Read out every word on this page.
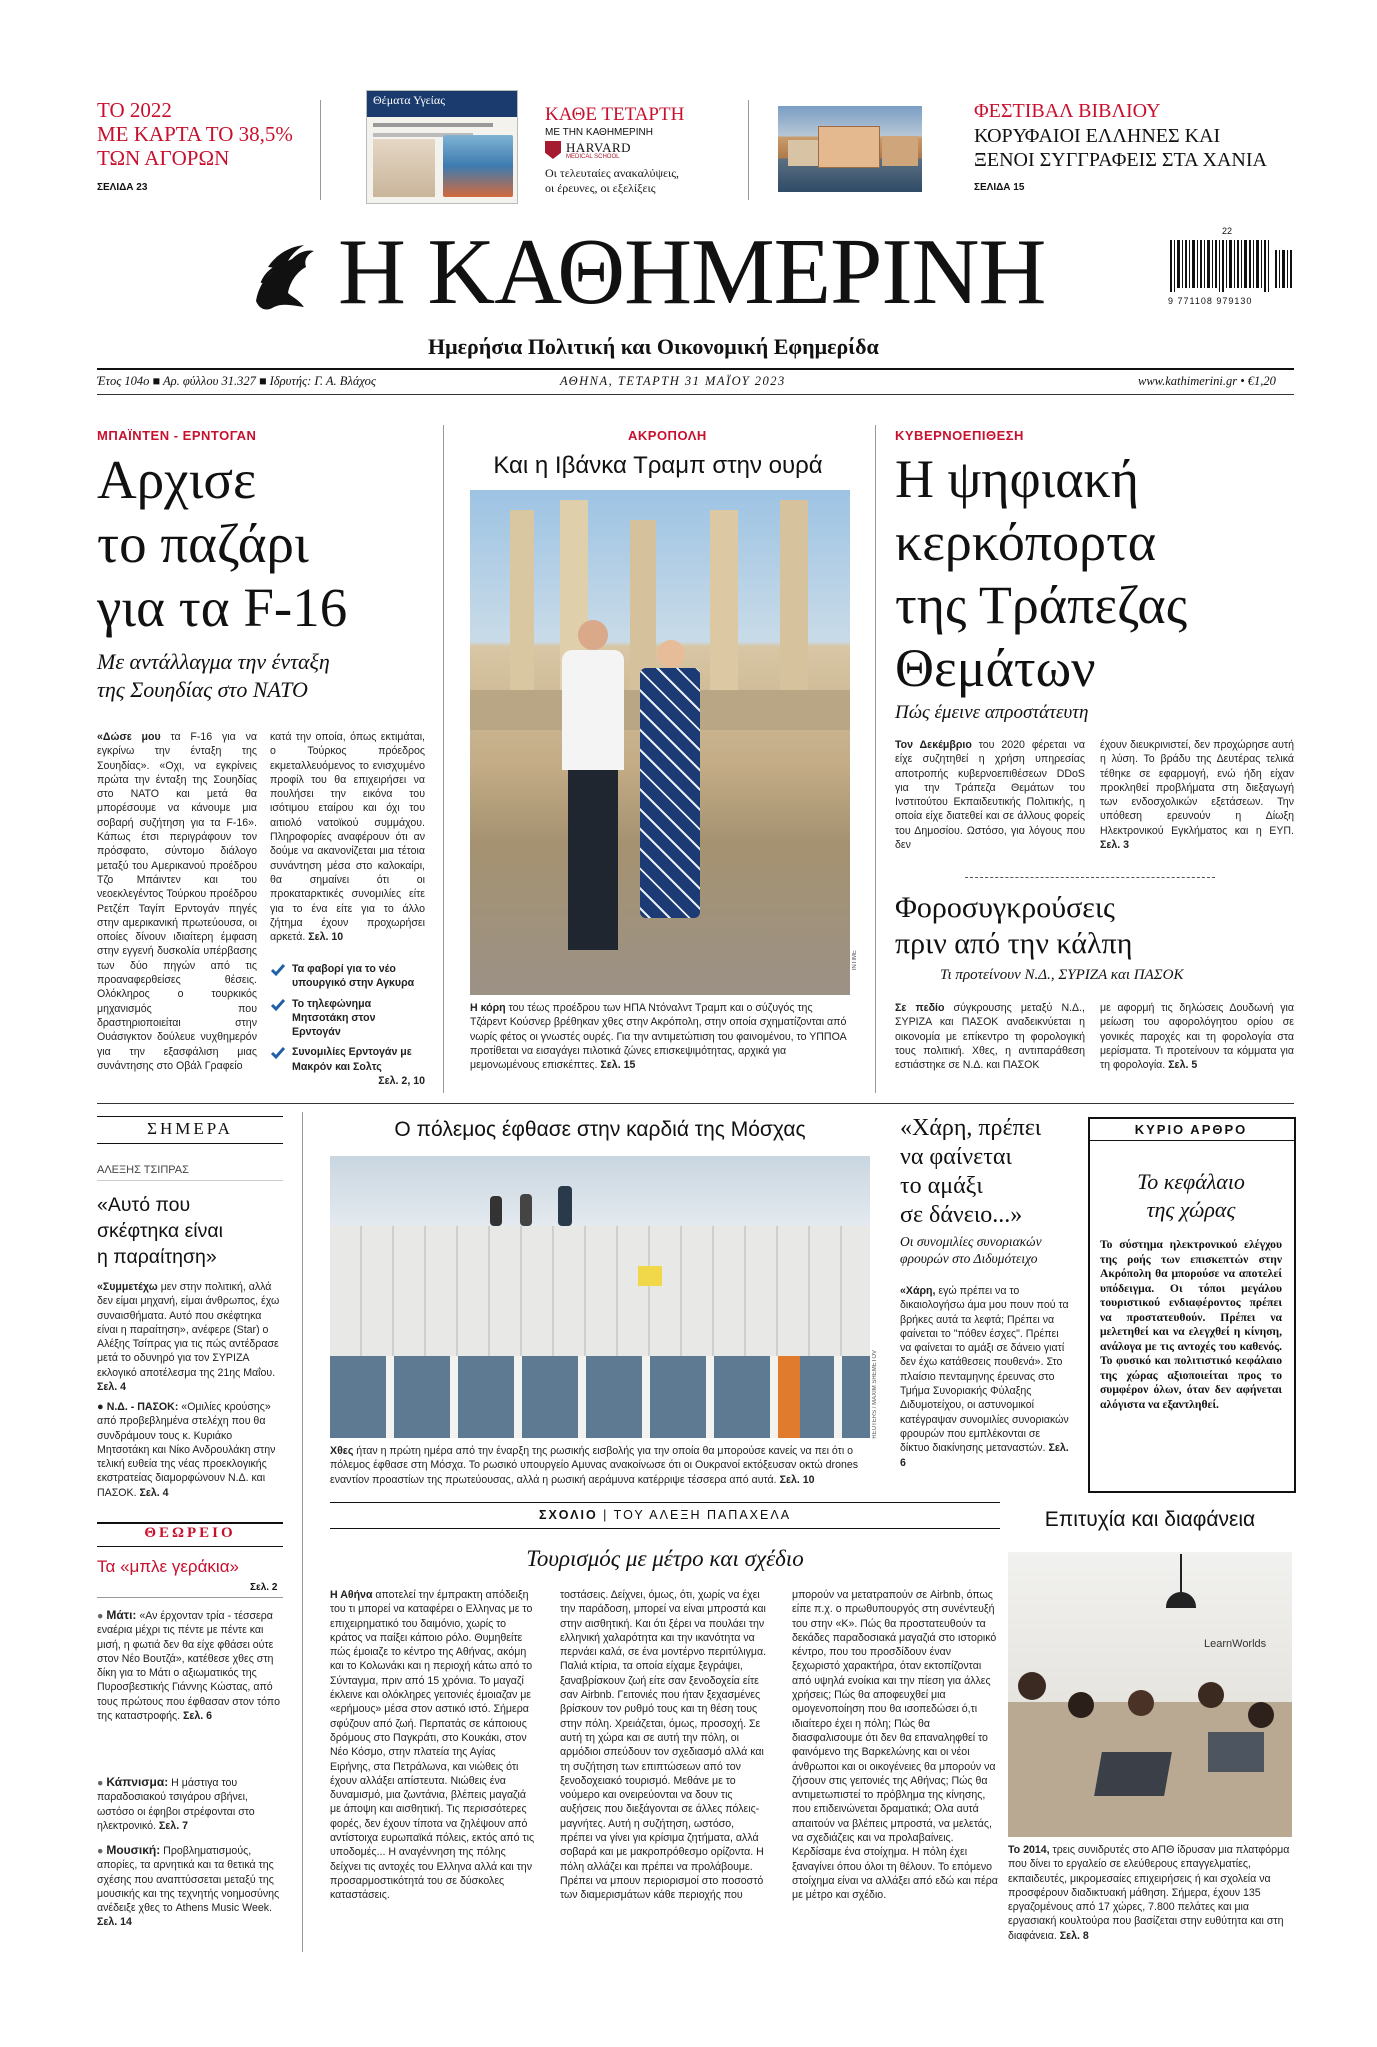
ΤΟ 2022
ΜΕ ΚΑΡΤΑ ΤΟ 38,5%
ΤΩΝ ΑΓΟΡΩΝ
ΣΕΛΙΔΑ 23
Θέματα Υγείας
ΚΑΘΕ ΤΕΤΑΡΤΗ
ΜΕ ΤΗΝ ΚΑΘΗΜΕΡΙΝΗ
HARVARD
MEDICAL SCHOOL
Οι τελευταίες ανακαλύψεις,
οι έρευνες, οι εξελίξεις
ΦΕΣΤΙΒΑΛ ΒΙΒΛΙΟΥ
ΚΟΡΥΦΑΙΟΙ ΕΛΛΗΝΕΣ ΚΑΙ
ΞΕΝΟΙ ΣΥΓΓΡΑΦΕΙΣ ΣΤΑ ΧΑΝΙΑ
ΣΕΛΙΔΑ 15
Η ΚΑΘΗΜΕΡΙΝΗ
Ημερήσια Πολιτική και Οικονομική Εφημερίδα
22
9 771108 979130
Έτος 104ο ■ Αρ. φύλλου 31.327 ■ Ιδρυτής: Γ. Α. Βλάχος	ΑΘΗΝΑ, ΤΕΤΑΡΤΗ 31 ΜΑΪΟΥ 2023	www.kathimerini.gr • €1,20
ΜΠΑΪΝΤΕΝ - ΕΡΝΤΟΓΑΝ
Αρχισε
το παζάρι
για τα F-16
Με αντάλλαγμα την ένταξη
της Σουηδίας στο ΝΑΤΟ
«Δώσε μου τα F-16 για να εγκρίνω την ένταξη της Σουηδίας». «Οχι, να εγκρίνεις πρώτα την ένταξη της Σουηδίας στο ΝΑΤΟ και μετά θα μπορέσουμε να κάνουμε μια σοβαρή συζήτηση για τα F-16». Κάπως έτσι περιγράφουν τον πρόσφατο, σύντομο διάλογο μεταξύ του Αμερικανού προέδρου Τζο Μπάιντεν και του νεοεκλεγέντος Τούρκου προέδρου Ρετζέπ Ταγίπ Ερντογάν πηγές στην αμερικανική πρωτεύουσα, οι οποίες δίνουν ιδιαίτερη έμφαση στην εγγενή δυσκολία υπέρβασης των δύο πηγών από τις προαναφερθείσες θέσεις. Ολόκληρος ο τουρκικός μηχανισμός που δραστηριοποιείται στην Ουάσιγκτον δούλευε νυχθημερόν για την εξασφάλιση μιας συνάντησης στο Οβάλ Γραφείο
κατά την οποία, όπως εκτιμάται, ο Τούρκος πρόεδρος εκμεταλλευόμενος το ενισχυμένο προφίλ του θα επιχειρήσει να πουλήσει την εικόνα του ισότιμου εταίρου και όχι του αιτιολό νατοϊκού συμμάχου. Πληροφορίες αναφέρουν ότι αν δούμε να ακανονίζεται μια τέτοια συνάντηση μέσα στο καλοκαίρι, θα σημαίνει ότι οι προκαταρκτικές συνομιλίες είτε για το ένα είτε για το άλλο ζήτημα έχουν προχωρήσει αρκετά. Σελ. 10
Τα φαβορί για το νέο υπουργικό στην Αγκυρα
Το τηλεφώνημα Μητσοτάκη στον Ερντογάν
Συνομιλίες Ερντογάν με Μακρόν και Σολτς
Σελ. 2, 10
ΑΚΡΟΠΟΛΗ
Και η Ιβάνκα Τραμπ στην ουρά
INTIME
Η κόρη του τέως προέδρου των ΗΠΑ Ντόναλντ Τραμπ και ο σύζυγός της Τζάρεντ Κούσνερ βρέθηκαν χθες στην Ακρόπολη, στην οποία σχηματίζονται από νωρίς φέτος οι γνωστές ουρές. Για την αντιμετώπιση του φαινομένου, το ΥΠΠΟΑ προτίθεται να εισαγάγει πιλοτικά ζώνες επισκεψιμότητας, αρχικά για μεμονωμένους επισκέπτες. Σελ. 15
ΚΥΒΕΡΝΟΕΠΙΘΕΣΗ
Η ψηφιακή
κερκόπορτα
της Τράπεζας
Θεμάτων
Πώς έμεινε απροστάτευτη
Τον Δεκέμβριο του 2020 φέρεται να είχε συζητηθεί η χρήση υπηρεσίας αποτροπής κυβερνοεπιθέσεων DDoS για την Τράπεζα Θεμάτων του Ινστιτούτου Εκπαιδευτικής Πολιτικής, η οποία είχε διατεθεί και σε άλλους φορείς του Δημοσίου. Ωστόσο, για λόγους που δεν
έχουν διευκρινιστεί, δεν προχώρησε αυτή η λύση. Το βράδυ της Δευτέρας τελικά τέθηκε σε εφαρμογή, ενώ ήδη είχαν προκληθεί προβλήματα στη διεξαγωγή των ενδοσχολικών εξετάσεων. Την υπόθεση ερευνούν η Δίωξη Ηλεκτρονικού Εγκλήματος και η ΕΥΠ. Σελ. 3
Φοροσυγκρούσεις
πριν από την κάλπη
Τι προτείνουν Ν.Δ., ΣΥΡΙΖΑ και ΠΑΣΟΚ
Σε πεδίο σύγκρουσης μεταξύ Ν.Δ., ΣΥΡΙΖΑ και ΠΑΣΟΚ αναδεικνύεται η οικονομία με επίκεντρο τη φορολογική τους πολιτική. Χθες, η αντιπαράθεση εστιάστηκε σε Ν.Δ. και ΠΑΣΟΚ
με αφορμή τις δηλώσεις Δουδωνή για μείωση του αφορολόγητου ορίου σε γονικές παροχές και τη φορολογία στα μερίσματα. Τι προτείνουν τα κόμματα για τη φορολογία. Σελ. 5
ΣΗΜΕΡΑ
ΑΛΕΞΗΣ ΤΣΙΠΡΑΣ
«Αυτό που
σκέφτηκα είναι
η παραίτηση»
«Συμμετέχω μεν στην πολιτική, αλλά δεν είμαι μηχανή, είμαι άνθρωπος, έχω συναισθήματα. Αυτό που σκέφτηκα είναι η παραίτηση», ανέφερε (Star) ο Αλέξης Τσίπρας για τις πώς αντέδρασε μετά το οδυνηρό για τον ΣΥΡΙΖΑ εκλογικό αποτέλεσμα της 21ης Μαΐου. Σελ. 4
● Ν.Δ. - ΠΑΣΟΚ: «Ομιλίες κρούσης» από προβεβλημένα στελέχη που θα συνδράμουν τους κ. Κυριάκο Μητσοτάκη και Νίκο Ανδρουλάκη στην τελική ευθεία της νέας προεκλογικής εκστρατείας διαμορφώνουν Ν.Δ. και ΠΑΣΟΚ. Σελ. 4
ΘΕΩΡΕΙΟ
Τα «μπλε γεράκια»
Σελ. 2
● Μάτι: «Αν έρχονταν τρία - τέσσερα εναέρια μέχρι τις πέντε με πέντε και μισή, η φωτιά δεν θα είχε φθάσει ούτε στον Νέο Βουτζά», κατέθεσε χθες στη δίκη για το Μάτι ο αξιωματικός της Πυροσβεστικής Γιάννης Κώστας, από τους πρώτους που έφθασαν στον τόπο της καταστροφής. Σελ. 6
● Κάπνισμα: Η μάστιγα του παραδοσιακού τσιγάρου σβήνει, ωστόσο οι έφηβοι στρέφονται στο ηλεκτρονικό. Σελ. 7
● Μουσική: Προβληματισμούς, απορίες, τα αρνητικά και τα θετικά της σχέσης που αναπτύσσεται μεταξύ της μουσικής και της τεχνητής νοημοσύνης ανέδειξε χθες το Athens Music Week. Σελ. 14
Ο πόλεμος έφθασε στην καρδιά της Μόσχας
REUTERS / MAXIM SHEMETOV
Χθες ήταν η πρώτη ημέρα από την έναρξη της ρωσικής εισβολής για την οποία θα μπορούσε κανείς να πει ότι ο πόλεμος έφθασε στη Μόσχα. Το ρωσικό υπουργείο Αμυνας ανακοίνωσε ότι οι Ουκρανοί εκτόξευσαν οκτώ drones εναντίον προαστίων της πρωτεύουσας, αλλά η ρωσική αεράμυνα κατέρριψε τέσσερα από αυτά. Σελ. 10
«Χάρη, πρέπει
να φαίνεται
το αμάξι
σε δάνειο...»
Οι συνομιλίες συνοριακών
φρουρών στο Διδυμότειχο
«Χάρη, εγώ πρέπει να το δικαιολογήσω άμα μου πουν πού τα βρήκες αυτά τα λεφτά; Πρέπει να φαίνεται το "πόθεν έσχες". Πρέπει να φαίνεται το αμάξι σε δάνειο γιατί δεν έχω κατάθεσεις πουθενά». Στο πλαίσιο πενταμηνης έρευνας στο Τμήμα Συνοριακής Φύλαξης Διδυμοτείχου, οι αστυνομικοί κατέγραψαν συνομιλίες συνοριακών φρουρών που εμπλέκονται σε δίκτυο διακίνησης μεταναστών. Σελ. 6
ΚΥΡΙΟ ΑΡΘΡΟ
Το κεφάλαιο
της χώρας
Το σύστημα ηλεκτρονικού ελέγχου της ροής των επισκεπτών στην Ακρόπολη θα μπορούσε να αποτελεί υπόδειγμα. Οι τόποι μεγάλου τουριστικού ενδιαφέροντος πρέπει να προστατευθούν. Πρέπει να μελετηθεί και να ελεγχθεί η κίνηση, ανάλογα με τις αντοχές του καθενός. Το φυσικό και πολιτιστικό κεφάλαιο της χώρας αξιοποιείται προς το συμφέρον όλων, όταν δεν αφήνεται αλόγιστα να εξαντληθεί.
ΣΧΟΛΙΟ | ΤΟΥ ΑΛΕΞΗ ΠΑΠΑΧΕΛΑ
Τουρισμός με μέτρο και σχέδιο
Η Αθήνα αποτελεί την έμπρακτη απόδειξη του τι μπορεί να καταφέρει ο Ελληνας με το επιχειρηματικό του δαιμόνιο, χωρίς το κράτος να παίξει κάποιο ρόλο. Θυμηθείτε πώς έμοιαζε το κέντρο της Αθήνας, ακόμη και το Κολωνάκι και η περιοχή κάτω από το Σύνταγμα, πριν από 15 χρόνια. Το μαγαζί έκλεινε και ολόκληρες γειτονιές έμοιαζαν με «ερήμους» μέσα στον αστικό ιστό. Σήμερα σφύζουν από ζωή. Περπατάς σε κάποιους δρόμους στο Παγκράτι, στο Κουκάκι, στον Νέο Κόσμο, στην πλατεία της Αγίας Ειρήνης, στα Πετράλωνα, και νιώθεις ότι έχουν αλλάξει απίστευτα. Νιώθεις ένα δυναμισμό, μια ζωντάνια, βλέπεις μαγαζιά με άποψη και αισθητική. Τις περισσότερες φορές, δεν έχουν τίποτα να ζηλέψουν από αντίστοιχα ευρωπαϊκά πόλεις, εκτός από τις υποδομές... Η αναγέννηση της πόλης δείχνει τις αντοχές του Ελληνα αλλά και την προσαρμοστικότητά του σε δύσκολες καταστάσεις.
τοστάσεις. Δείχνει, όμως, ότι, χωρίς να έχει την παράδοση, μπορεί να είναι μπροστά και στην αισθητική. Και ότι ξέρει να πουλάει την ελληνική χαλαρότητα και την ικανότητα να περνάει καλά, σε ένα μοντέρνο περιτύλιγμα. Παλιά κτίρια, τα οποία είχαμε ξεγράψει, ξαναβρίσκουν ζωή είτε σαν ξενοδοχεία είτε σαν Airbnb. Γειτονιές που ήταν ξεχασμένες βρίσκουν τον ρυθμό τους και τη θέση τους στην πόλη. Χρειάζεται, όμως, προσοχή. Σε αυτή τη χώρα και σε αυτή την πόλη, οι αρμόδιοι σπεύδουν τον σχεδιασμό αλλά και τη συζήτηση των επιπτώσεων από τον ξενοδοχειακό τουρισμό. Μεθάνε με το νούμερο και ονειρεύονται να δουν τις αυξήσεις που διεξάγονται σε άλλες πόλεις-μαγνήτες. Αυτή η συζήτηση, ωστόσο, πρέπει να γίνει για κρίσιμα ζητήματα, αλλά σοβαρά και με μακροπρόθεσμο ορίζοντα. Η πόλη αλλάζει και πρέπει να προλάβουμε. Πρέπει να μπουν περιορισμοί στο ποσοστό των διαμερισμάτων κάθε περιοχής που
μπορούν να μετατραπούν σε Airbnb, όπως είπε π.χ. ο πρωθυπουργός στη συνέντευξή του στην «Κ». Πώς θα προστατευθούν τα δεκάδες παραδοσιακά μαγαζιά στο ιστορικό κέντρο, που του προσδίδουν έναν ξεχωριστό χαρακτήρα, όταν εκτοπίζονται από υψηλά ενοίκια και την πίεση για άλλες χρήσεις; Πώς θα αποφευχθεί μια ομογενοποίηση που θα ισοπεδώσει ό,τι ιδιαίτερο έχει η πόλη; Πώς θα διασφαλισουμε ότι δεν θα επαναληφθεί το φαινόμενο της Βαρκελώνης και οι νέοι άνθρωποι και οι οικογένειες θα μπορούν να ζήσουν στις γειτονιές της Αθήνας; Πώς θα αντιμετωπιστεί το πρόβλημα της κίνησης, που επιδεινώνεται δραματικά; Ολα αυτά απαιτούν να βλέπεις μπροστά, να μελετάς, να σχεδιάζεις και να προλαβαίνεις. Κερδίσαμε ένα στοίχημα. Η πόλη έχει ξαναγίνει όπου όλοι τη θέλουν. Το επόμενο στοίχημα είναι να αλλάξει από εδώ και πέρα με μέτρο και σχέδιο.
Επιτυχία και διαφάνεια
LearnWorlds
Το 2014, τρεις συνιδρυτές στο ΑΠΘ ίδρυσαν μια πλατφόρμα που δίνει το εργαλείο σε ελεύθερους επαγγελματίες, εκπαιδευτές, μικρομεσαίες επιχειρήσεις ή και σχολεία να προσφέρουν διαδικτυακή μάθηση. Σήμερα, έχουν 135 εργαζομένους από 17 χώρες, 7.800 πελάτες και μια εργασιακή κουλτούρα που βασίζεται στην ευθύτητα και στη διαφάνεια. Σελ. 8
